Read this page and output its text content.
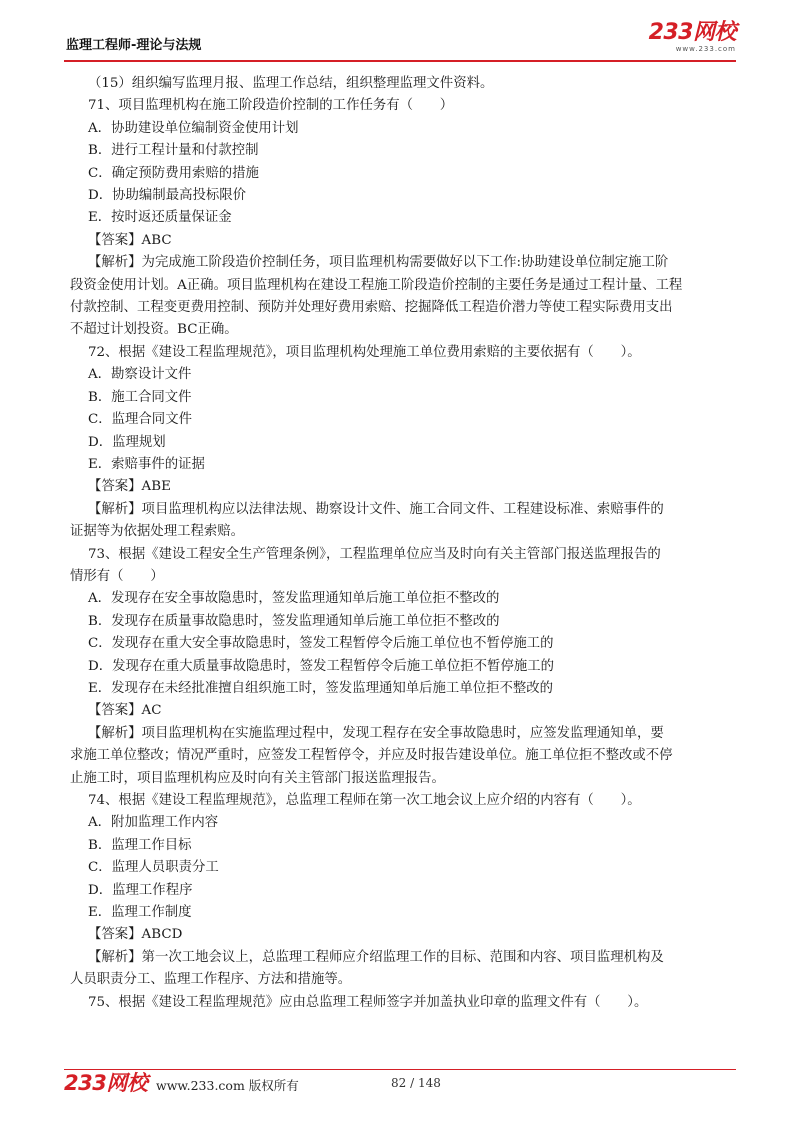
监理工程师-理论与法规
233网校
www.233.com
（15）组织编写监理月报、监理工作总结，组织整理监理文件资料。
71、项目监理机构在施工阶段造价控制的工作任务有（　　）
A．协助建设单位编制资金使用计划
B．进行工程计量和付款控制
C．确定预防费用索赔的措施
D．协助编制最高投标限价
E．按时返还质量保证金
【答案】ABC
【解析】为完成施工阶段造价控制任务，项目监理机构需要做好以下工作:协助建设单位制定施工阶
段资金使用计划。A正确。项目监理机构在建设工程施工阶段造价控制的主要任务是通过工程计量、工程
付款控制、工程变更费用控制、预防并处理好费用索赔、挖掘降低工程造价潜力等使工程实际费用支出
不超过计划投资。BC正确。
72、根据《建设工程监理规范》，项目监理机构处理施工单位费用索赔的主要依据有（　　）。
A．勘察设计文件
B．施工合同文件
C．监理合同文件
D．监理规划
E．索赔事件的证据
【答案】ABE
【解析】项目监理机构应以法律法规、勘察设计文件、施工合同文件、工程建设标准、索赔事件的
证据等为依据处理工程索赔。
73、根据《建设工程安全生产管理条例》，工程监理单位应当及时向有关主管部门报送监理报告的
情形有（　　）
A．发现存在安全事故隐患时，签发监理通知单后施工单位拒不整改的
B．发现存在质量事故隐患时，签发监理通知单后施工单位拒不整改的
C．发现存在重大安全事故隐患时，签发工程暂停令后施工单位也不暂停施工的
D．发现存在重大质量事故隐患时，签发工程暂停令后施工单位拒不暂停施工的
E．发现存在未经批准擅自组织施工时，签发监理通知单后施工单位拒不整改的
【答案】AC
【解析】项目监理机构在实施监理过程中，发现工程存在安全事故隐患时，应签发监理通知单，要
求施工单位整改；情况严重时，应签发工程暂停令，并应及时报告建设单位。施工单位拒不整改或不停
止施工时，项目监理机构应及时向有关主管部门报送监理报告。
74、根据《建设工程监理规范》，总监理工程师在第一次工地会议上应介绍的内容有（　　）。
A．附加监理工作内容
B．监理工作目标
C．监理人员职责分工
D．监理工作程序
E．监理工作制度
【答案】ABCD
【解析】第一次工地会议上，总监理工程师应介绍监理工作的目标、范围和内容、项目监理机构及
人员职责分工、监理工作程序、方法和措施等。
75、根据《建设工程监理规范》应由总监理工程师签字并加盖执业印章的监理文件有（　　）。
233网校 www.233.com 版权所有	82 / 148
